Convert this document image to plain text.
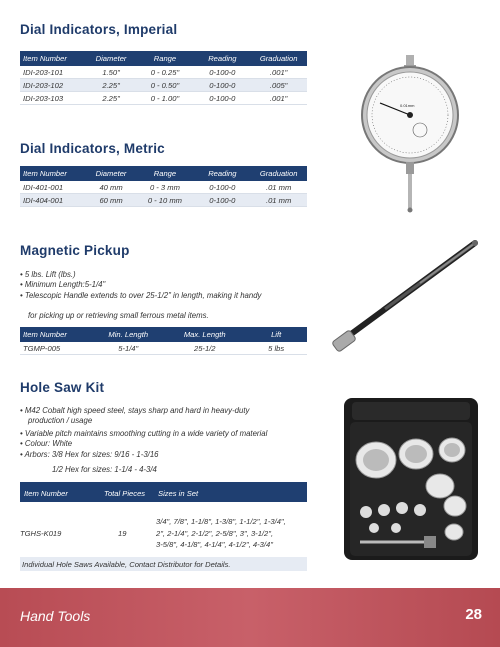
Dial Indicators, Imperial
Item Number	Diameter	Range	Reading	Graduation
IDI-203-101	1.50"	0 - 0.25"	0-100-0	.001"
IDI-203-102	2.25"	0 - 0.50"	0-100-0	.005"
IDI-203-103	2.25"	0 - 1.00"	0-100-0	.001"
0.01mm
Dial Indicators, Metric
Item Number	Diameter	Range	Reading	Graduation
IDI-401-001	40 mm	0 - 3 mm	0-100-0	.01 mm
IDI-404-001	60 mm	0 - 10 mm	0-100-0	.01 mm
Magnetic Pickup
• 5 lbs. Lift (lbs.)
• Minimum Length:5-1/4"
• Telescopic Handle extends to over 25-1/2" in length, making it handy
for picking up or retrieving small ferrous metal items.
Item Number	Min. Length	Max. Length	Lift
TGMP-005	5-1/4"	25-1/2	5 lbs
Hole Saw Kit
• M42 Cobalt high speed steel, stays sharp and hard in heavy-duty
production / usage
• Variable pitch maintains smoothing cutting in a wide variety of material
• Colour: White
• Arbors: 3/8 Hex for sizes: 9/16 - 1-3/16
1/2 Hex for sizes: 1-1/4 - 4-3/4
Item Number	Total Pieces Sizes in Set
TGHS-K019	19
3/4", 7/8", 1-1/8", 1-3/8", 1-1/2", 1-3/4",
2", 2-1/4", 2-1/2", 2-5/8", 3", 3-1/2",
3-5/8", 4-1/8", 4-1/4", 4-1/2", 4-3/4"
Individual Hole Saws Available, Contact Distributor for Details.
Hand Tools	28
